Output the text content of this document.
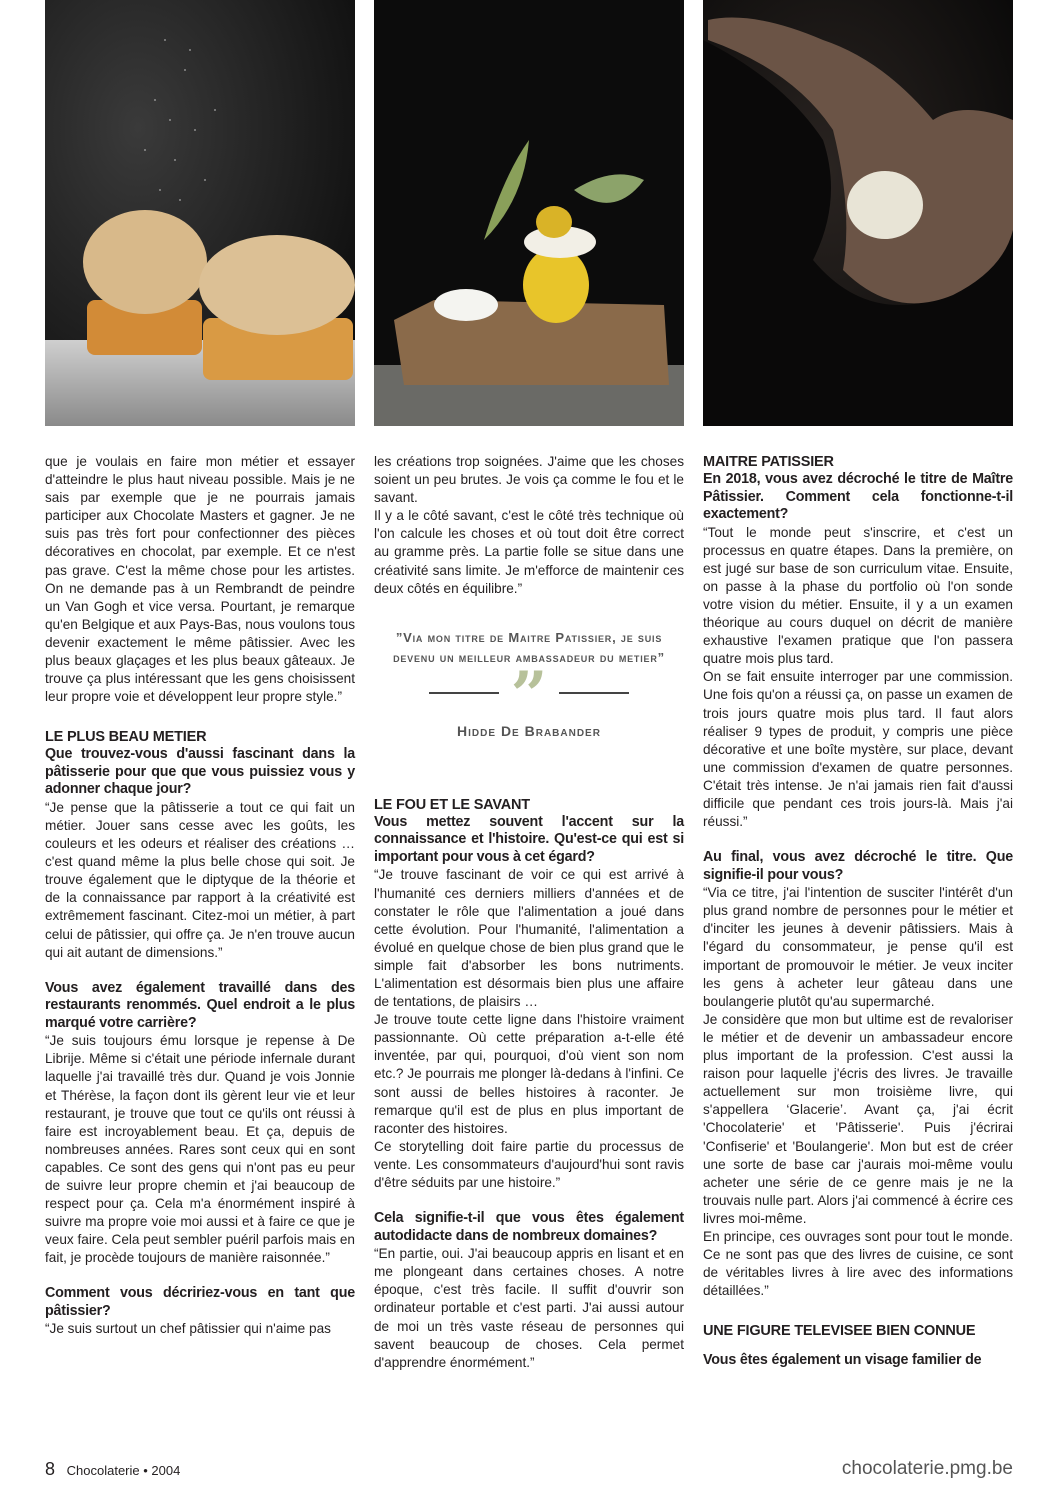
que je voulais en faire mon métier et essayer d'atteindre le plus haut niveau possible. Mais je ne sais par exemple que je ne pourrais jamais participer aux Chocolate Masters et gagner. Je ne suis pas très fort pour confectionner des pièces décoratives en chocolat, par exemple. Et ce n'est pas grave. C'est la même chose pour les artistes. On ne demande pas à un Rembrandt de peindre un Van Gogh et vice versa. Pourtant, je remarque qu'en Belgique et aux Pays-Bas, nous voulons tous devenir exactement le même pâtissier. Avec les plus beaux glaçages et les plus beaux gâteaux. Je trouve ça plus intéressant que les gens choisissent leur propre voie et développent leur propre style.”

LE PLUS BEAU METIER

Que trouvez-vous d'aussi fascinant dans la pâtisserie pour que que vous puissiez vous y adonner chaque jour?

“Je pense que la pâtisserie a tout ce qui fait un métier. Jouer sans cesse avec les goûts, les couleurs et les odeurs et réaliser des créations … c'est quand même la plus belle chose qui soit. Je trouve également que le diptyque de la théorie et de la connaissance par rapport à la créativité est extrêmement fascinant. Citez-moi un métier, à part celui de pâtissier, qui offre ça. Je n'en trouve aucun qui ait autant de dimensions.”

Vous avez également travaillé dans des restaurants renommés. Quel endroit a le plus marqué votre carrière?

“Je suis toujours ému lorsque je repense à De Librije. Même si c'était une période infernale durant laquelle j'ai travaillé très dur. Quand je vois Jonnie et Thérèse, la façon dont ils gèrent leur vie et leur restaurant, je trouve que tout ce qu'ils ont réussi à faire est incroyablement beau. Et ça, depuis de nombreuses années. Rares sont ceux qui en sont capables. Ce sont des gens qui n'ont pas eu peur de suivre leur propre chemin et j'ai beaucoup de respect pour ça. Cela m'a énormément inspiré à suivre ma propre voie moi aussi et à faire ce que je veux faire. Cela peut sembler puéril parfois mais en fait, je procède toujours de manière raisonnée.”

Comment vous décririez-vous en tant que pâtissier?

“Je suis surtout un chef pâtissier qui n'aime pas

les créations trop soignées. J'aime que les choses soient un peu brutes. Je vois ça comme le fou et le savant.

Il y a le côté savant, c'est le côté très technique où l'on calcule les choses et où tout doit être correct au gramme près. La partie folle se situe dans une créativité sans limite. Je m'efforce de maintenir ces deux côtés en équilibre.”

”Via mon titre de Maitre Patissier, je suis devenu un meilleur ambassadeur du metier”
”
Hidde De Brabander

LE FOU ET LE SAVANT

Vous mettez souvent l'accent sur la connaissance et l'histoire. Qu'est-ce qui est si important pour vous à cet égard?

“Je trouve fascinant de voir ce qui est arrivé à l'humanité ces derniers milliers d'années et de constater le rôle que l'alimentation a joué dans cette évolution. Pour l'humanité, l'alimentation a évolué en quelque chose de bien plus grand que le simple fait d'absorber les bons nutriments. L'alimentation est désormais bien plus une affaire de tentations, de plaisirs …

Je trouve toute cette ligne dans l'histoire vraiment passionnante. Où cette préparation a-t-elle été inventée, par qui, pourquoi, d'où vient son nom etc.? Je pourrais me plonger là-dedans à l'infini. Ce sont aussi de belles histoires à raconter. Je remarque qu'il est de plus en plus important de raconter des histoires.

Ce storytelling doit faire partie du processus de vente. Les consommateurs d'aujourd'hui sont ravis d'être séduits par une histoire.”

Cela signifie-t-il que vous êtes également autodidacte dans de nombreux domaines?

“En partie, oui. J'ai beaucoup appris en lisant et en me plongeant dans certaines choses. A notre époque, c'est très facile. Il suffit d'ouvrir son ordinateur portable et c'est parti. J'ai aussi autour de moi un très vaste réseau de personnes qui savent beaucoup de choses. Cela permet d'apprendre énormément.”

MAITRE PATISSIER

En 2018, vous avez décroché le titre de Maître Pâtissier. Comment cela fonctionne-t-il exactement?

“Tout le monde peut s'inscrire, et c'est un processus en quatre étapes. Dans la première, on est jugé sur base de son curriculum vitae. Ensuite, on passe à la phase du portfolio où l'on sonde votre vision du métier. Ensuite, il y a un examen théorique au cours duquel on décrit de manière exhaustive l'examen pratique que l'on passera quatre mois plus tard.

On se fait ensuite interroger par une commission. Une fois qu'on a réussi ça, on passe un examen de trois jours quatre mois plus tard. Il faut alors réaliser 9 types de produit, y compris une pièce décorative et une boîte mystère, sur place, devant une commission d'examen de quatre personnes. C'était très intense. Je n'ai jamais rien fait d'aussi difficile que pendant ces trois jours-là. Mais j'ai réussi.”

Au final, vous avez décroché le titre. Que signifie-il pour vous?

“Via ce titre, j'ai l'intention de susciter l'intérêt d'un plus grand nombre de personnes pour le métier et d'inciter les jeunes à devenir pâtissiers. Mais à l'égard du consommateur, je pense qu'il est important de promouvoir le métier. Je veux inciter les gens à acheter leur gâteau dans une boulangerie plutôt qu'au supermarché.

Je considère que mon but ultime est de revaloriser le métier et de devenir un ambassadeur encore plus important de la profession. C'est aussi la raison pour laquelle j'écris des livres. Je travaille actuellement sur mon troisième livre, qui s'appellera ‘Glacerie’. Avant ça, j'ai écrit 'Chocolaterie' et 'Pâtisserie'. Puis j'écrirai 'Confiserie' et 'Boulangerie'. Mon but est de créer une sorte de base car j'aurais moi-même voulu acheter une série de ce genre mais je ne la trouvais nulle part. Alors j'ai commencé à écrire ces livres moi-même.

En principe, ces ouvrages sont pour tout le monde. Ce ne sont pas que des livres de cuisine, ce sont de véritables livres à lire avec des informations détaillées.”

UNE FIGURE TELEVISEE BIEN CONNUE

Vous êtes également un visage familier de

8 Chocolaterie • 2004	chocolaterie.pmg.be
